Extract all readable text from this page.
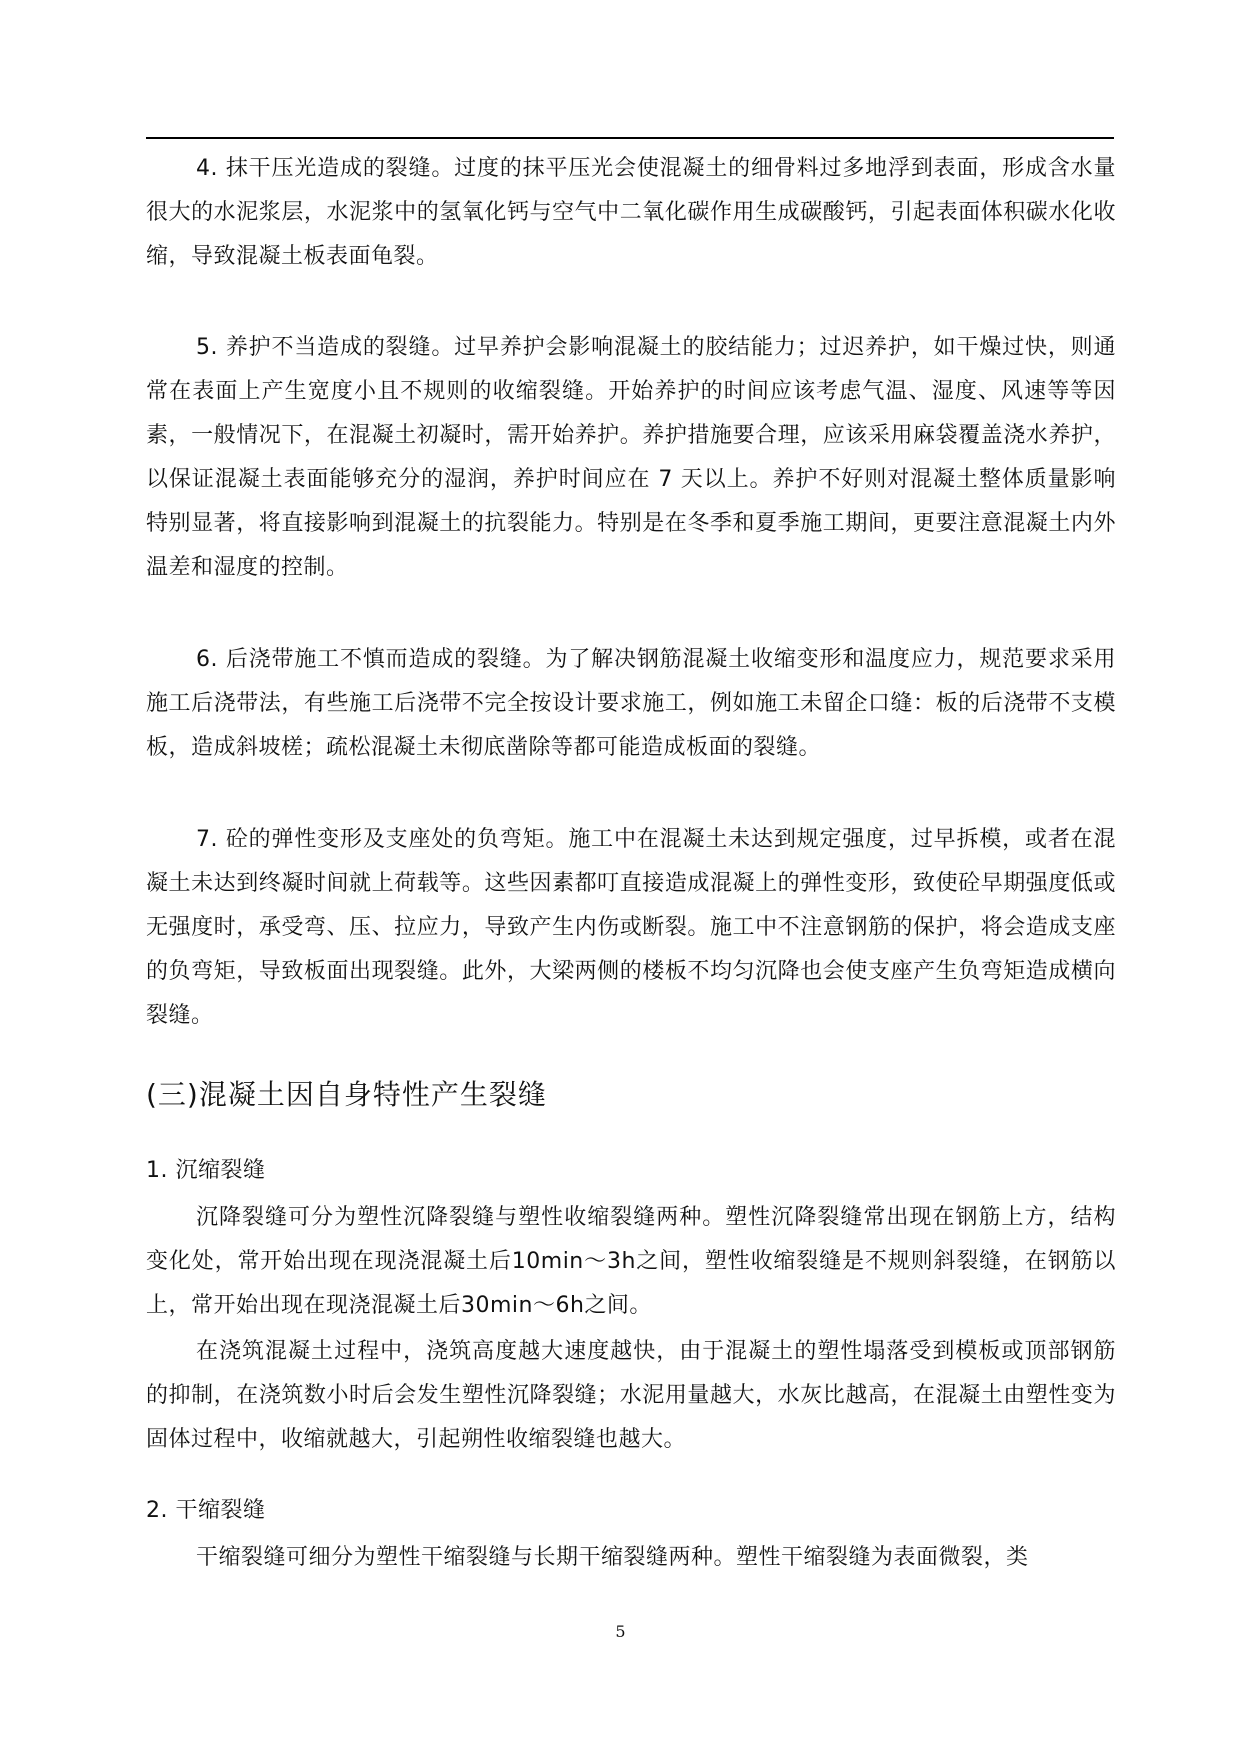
4. 抹干压光造成的裂缝。过度的抹平压光会使混凝土的细骨料过多地浮到表面，形成含水量很大的水泥浆层，水泥浆中的氢氧化钙与空气中二氧化碳作用生成碳酸钙，引起表面体积碳水化收缩，导致混凝土板表面龟裂。

5. 养护不当造成的裂缝。过早养护会影响混凝土的胶结能力；过迟养护，如干燥过快，则通常在表面上产生宽度小且不规则的收缩裂缝。开始养护的时间应该考虑气温、湿度、风速等等因素，一般情况下，在混凝土初凝时，需开始养护。养护措施要合理，应该采用麻袋覆盖浇水养护，以保证混凝土表面能够充分的湿润，养护时间应在 7 天以上。养护不好则对混凝土整体质量影响特别显著，将直接影响到混凝土的抗裂能力。特别是在冬季和夏季施工期间，更要注意混凝土内外温差和湿度的控制。

6. 后浇带施工不慎而造成的裂缝。为了解决钢筋混凝土收缩变形和温度应力，规范要求采用施工后浇带法，有些施工后浇带不完全按设计要求施工，例如施工未留企口缝：板的后浇带不支模板，造成斜坡槎；疏松混凝土未彻底凿除等都可能造成板面的裂缝。

7. 砼的弹性变形及支座处的负弯矩。施工中在混凝土未达到规定强度，过早拆模，或者在混凝土未达到终凝时间就上荷载等。这些因素都叮直接造成混凝上的弹性变形，致使砼早期强度低或无强度时，承受弯、压、拉应力，导致产生内伤或断裂。施工中不注意钢筋的保护，将会造成支座的负弯矩，导致板面出现裂缝。此外，大梁两侧的楼板不均匀沉降也会使支座产生负弯矩造成横向裂缝。

(三)混凝土因自身特性产生裂缝

1. 沉缩裂缝

沉降裂缝可分为塑性沉降裂缝与塑性收缩裂缝两种。塑性沉降裂缝常出现在钢筋上方，结构变化处，常开始出现在现浇混凝土后10min～3h之间，塑性收缩裂缝是不规则斜裂缝，在钢筋以上，常开始出现在现浇混凝土后30min～6h之间。

在浇筑混凝土过程中，浇筑高度越大速度越快，由于混凝土的塑性塌落受到模板或顶部钢筋的抑制，在浇筑数小时后会发生塑性沉降裂缝；水泥用量越大，水灰比越高，在混凝土由塑性变为固体过程中，收缩就越大，引起朔性收缩裂缝也越大。

2. 干缩裂缝

干缩裂缝可细分为塑性干缩裂缝与长期干缩裂缝两种。塑性干缩裂缝为表面微裂，类

5
